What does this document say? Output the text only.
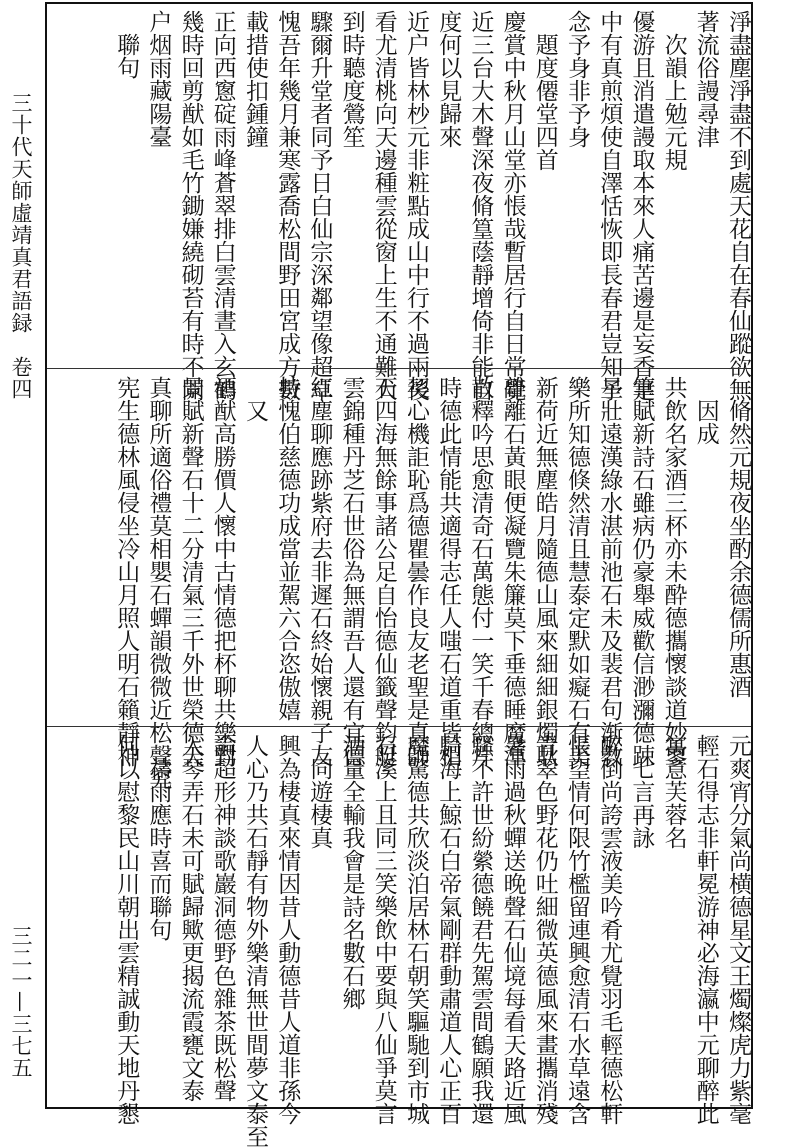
三十代天師虛靖真君語録　卷四
三二一—三七五
淨盡塵淨盡不到處天花自在春仙蹤欲無
著流俗謾尋津
　次韻上勉元規
優游且消遣謾取本來人痛苦邊是妄香寔
中有真煎煩使自澤恬恢即長春君豈知予
念予身非予身
　題度僊堂四首
慶賞中秋月山堂亦悵哉暫居行自日常覺
近三台大木聲深夜脩篁蔭靜增倚非能自
度何以見歸來
近户皆林杪元非粧點成山中行不過兩後
看尤清桃向天邊種雲從窗上生不通難犬
到時聽度鶯笙
驟爾升堂者同予日白仙宗深鄰望像超卓
愧吾年幾月兼寒露喬松間野田宮成方數
載措使扣鍾鐘
正向西窻碇雨峰蒼翠排白雲清晝入玄鶴
幾時回剪猷如毛竹鋤嫌繞砌苔有時不開
户烟雨藏陽臺
　聯句
　脩然元規夜坐酌余德儒所惠酒
　因成
共飲名家酒三杯亦未酔德攜懷談道妙寥
筆賦新詩石雖病仍豪舉威歡信渺瀰德踈
星壯遠漢綠水湛前池石未及裴君句渐教
樂所知德倏然清且慧泰定默如癡石有美
新荷近無塵皓月隨德山風來細細銀燭耿
離離石黃眼便凝覽朱簾莫下垂德睡魔渾
散釋吟思愈清奇石萬態付一笑千春總片
時德此情能共適得志任人嗤石道重皆相
契心機詎恥爲德瞿曇作良友老聖是真師
石四海無餘事諸公足自怡德仙籤聲鈞艇
雲錦種丹芝石世俗為無謂吾人還有宜德
紅塵聊應跡紫府去非遲石終始懷親子友
持愧伯慈德功成當並駕六合恣傲嬉
　又
酒猷高勝價人懷中古情德把杯聊共樂對
景賦新聲石十二分清氣三千外世榮德天
真聊所適俗禮莫相嬰石蟬韻微微近松聲究
宪生德林風侵坐冷山月照人明石籟靜神
元爽宵分氣尚横德星文王燭燦虎力紫毫
輕石得志非軒冕游神必海瀛中元聊醉此
寓意芙蓉名
　七言再詠
醉倒尚誇雲液美吟肴尤覺羽毛輕德松軒
悵望情何限竹檻留連興愈清石水草遠含
青翠色野花仍吐細微英德風來畫攜消殘
暑雨過秋蟬送晚聲石仙境每看天路近風
騷不許世紛縈德饒君先駕雲間鶴願我還
騎海上鯨石白帝氣剛群動肅道人心正百
魔驚德共欣淡泊居林石朝笑驅馳到市城
石溪上且同三笑樂飲中要與八仙爭莫言
酒量全輸我會是詩名數石鄉
　同遊棲真
興為棲真來情因昔人動德昔人道非孫今
人心乃共石靜有物外樂清無世間夢文泰至
論超形神談歌巖洞德野色雜茶既松聲
入琴弄石未可賦歸歟更揭流霞甕文泰
　禱雨應時喜而聯句
何以慰黎民山川朝出雲精誠動天地丹懇
